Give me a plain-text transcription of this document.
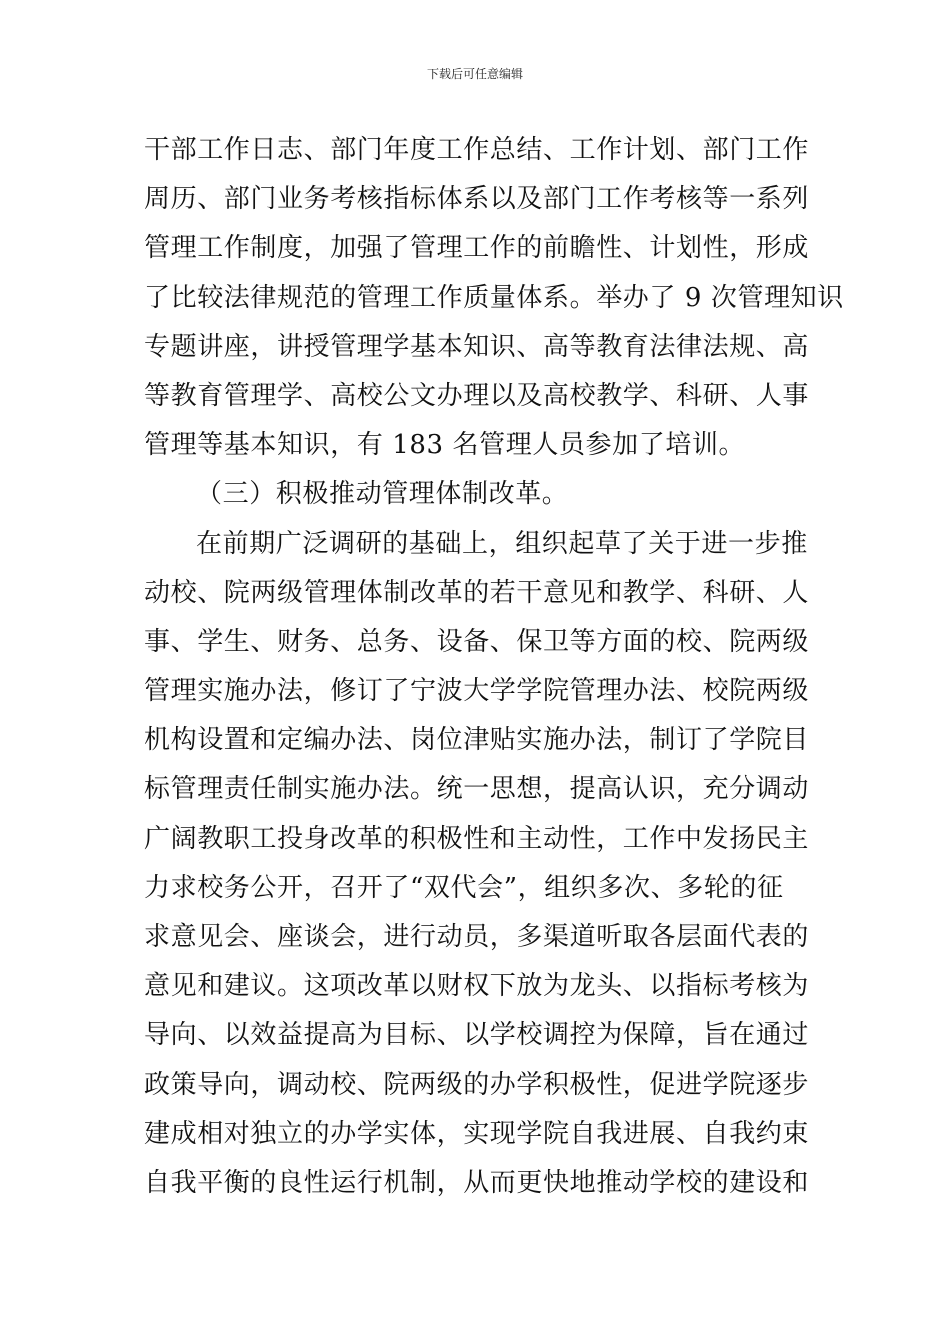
下载后可任意编辑
干部工作日志、部门年度工作总结、工作计划、部门工作
周历、部门业务考核指标体系以及部门工作考核等一系列
管理工作制度，加强了管理工作的前瞻性、计划性，形成
了比较法律规范的管理工作质量体系。举办了 9 次管理知识
专题讲座，讲授管理学基本知识、高等教育法律法规、高
等教育管理学、高校公文办理以及高校教学、科研、人事
管理等基本知识，有 183 名管理人员参加了培训。
（三）积极推动管理体制改革。
在前期广泛调研的基础上，组织起草了关于进一步推
动校、院两级管理体制改革的若干意见和教学、科研、人
事、学生、财务、总务、设备、保卫等方面的校、院两级
管理实施办法，修订了宁波大学学院管理办法、校院两级
机构设置和定编办法、岗位津贴实施办法，制订了学院目
标管理责任制实施办法。统一思想，提高认识，充分调动
广阔教职工投身改革的积极性和主动性，工作中发扬民主
力求校务公开，召开了“双代会”，组织多次、多轮的征
求意见会、座谈会，进行动员，多渠道听取各层面代表的
意见和建议。这项改革以财权下放为龙头、以指标考核为
导向、以效益提高为目标、以学校调控为保障，旨在通过
政策导向，调动校、院两级的办学积极性，促进学院逐步
建成相对独立的办学实体，实现学院自我进展、自我约束
自我平衡的良性运行机制，从而更快地推动学校的建设和
